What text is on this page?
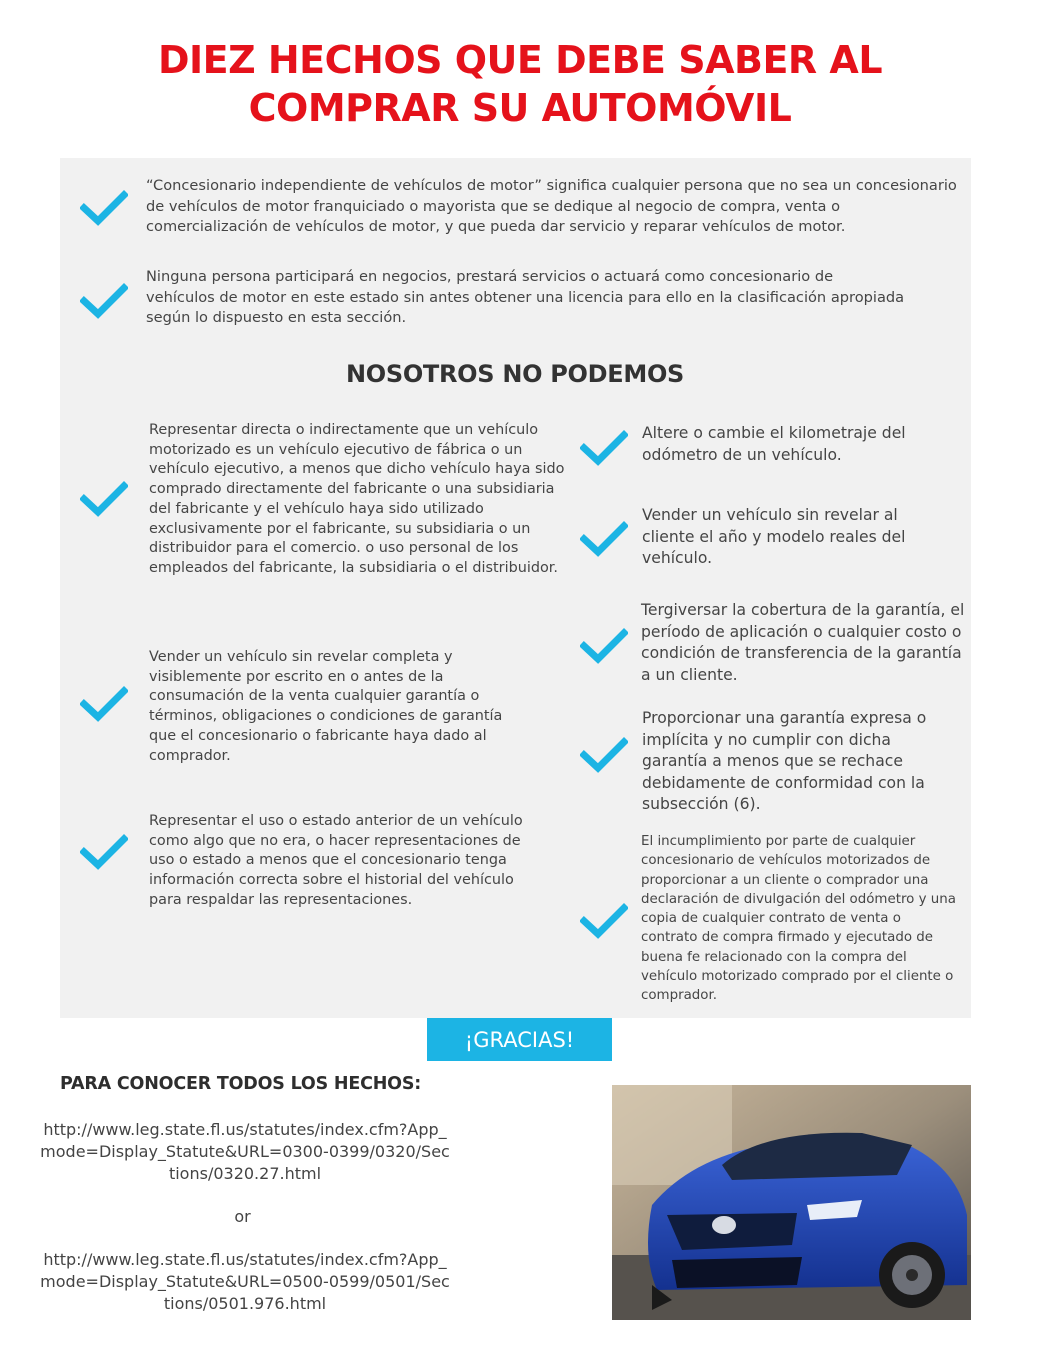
DIEZ HECHOS QUE DEBE SABER AL
COMPRAR SU AUTOMÓVIL

“Concesionario independiente de vehículos de motor” significa cualquier persona que no sea un concesionario de vehículos de motor franquiciado o mayorista que se dedique al negocio de compra, venta o comercialización de vehículos de motor, y que pueda dar servicio y reparar vehículos de motor.

Ninguna persona participará en negocios, prestará servicios o actuará como concesionario de vehículos de motor en este estado sin antes obtener una licencia para ello en la clasificación apropiada según lo dispuesto en esta sección.

NOSOTROS NO PODEMOS

Representar directa o indirectamente que un vehículo motorizado es un vehículo ejecutivo de fábrica o un vehículo ejecutivo, a menos que dicho vehículo haya sido comprado directamente del fabricante o una subsidiaria del fabricante y el vehículo haya sido utilizado exclusivamente por el fabricante, su subsidiaria o un distribuidor para el comercio. o uso personal de los empleados del fabricante, la subsidiaria o el distribuidor.

Vender un vehículo sin revelar completa y visiblemente por escrito en o antes de la consumación de la venta cualquier garantía o términos, obligaciones o condiciones de garantía que el concesionario o fabricante haya dado al comprador.

Representar el uso o estado anterior de un vehículo como algo que no era, o hacer representaciones de uso o estado a menos que el concesionario tenga información correcta sobre el historial del vehículo para respaldar las representaciones.

Altere o cambie el kilometraje del odómetro de un vehículo.

Vender un vehículo sin revelar al cliente el año y modelo reales del vehículo.

Tergiversar la cobertura de la garantía, el período de aplicación o cualquier costo o condición de transferencia de la garantía a un cliente.

Proporcionar una garantía expresa o implícita y no cumplir con dicha garantía a menos que se rechace debidamente de conformidad con la subsección (6).

El incumplimiento por parte de cualquier concesionario de vehículos motorizados de proporcionar a un cliente o comprador una declaración de divulgación del odómetro y una copia de cualquier contrato de venta o contrato de compra firmado y ejecutado de buena fe relacionado con la compra del vehículo motorizado comprado por el cliente o comprador.

¡GRACIAS!
PARA CONOCER TODOS LOS HECHOS:

http://www.leg.state.fl.us/statutes/index.cfm?App_mode=Display_Statute&URL=0300-0399/0320/Sections/0320.27.html

or

http://www.leg.state.fl.us/statutes/index.cfm?App_mode=Display_Statute&URL=0500-0599/0501/Sections/0501.976.html
